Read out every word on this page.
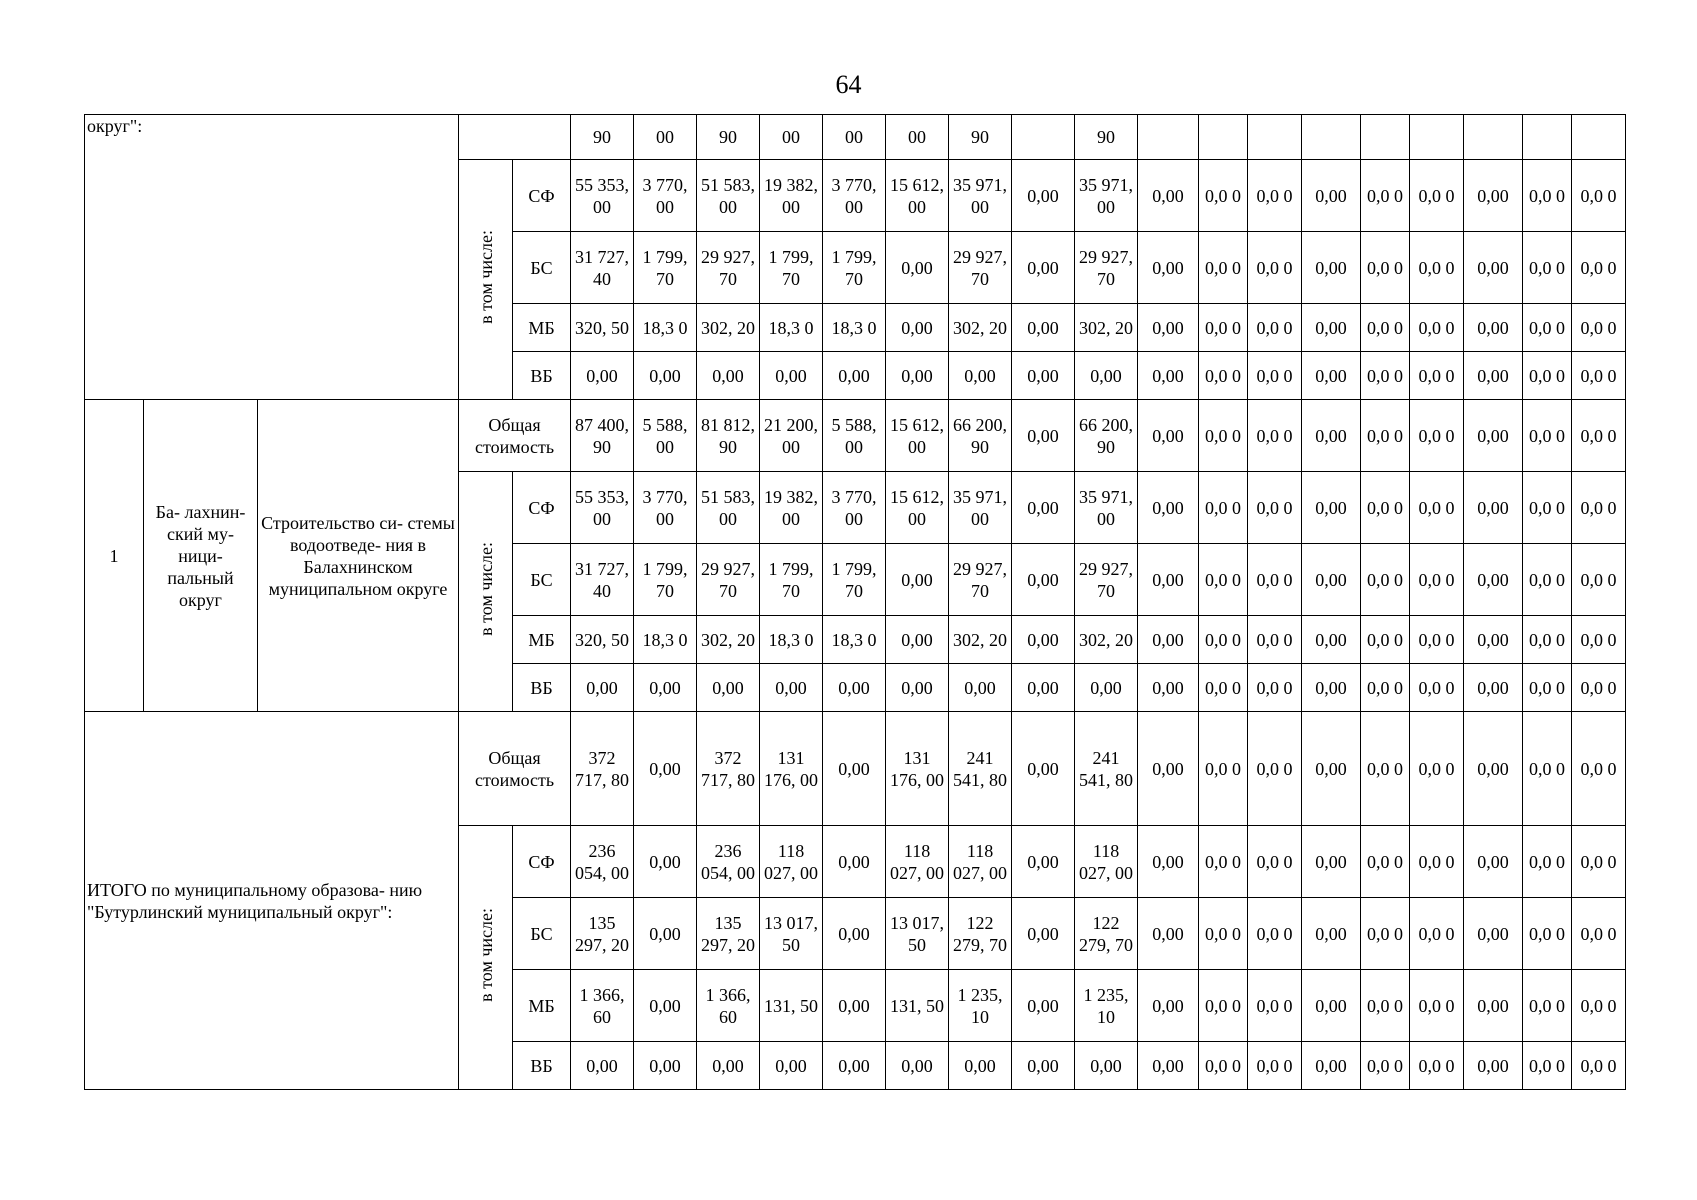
64
округ":					90	00	90	00	00	00	90		90									
			в том числе:	СФ	55 353, 00	3 770, 00	51 583, 00	19 382, 00	3 770, 00	15 612, 00	35 971, 00	0,00	35 971, 00	0,00	0,0 0	0,0 0	0,00	0,0 0	0,0 0	0,00	0,0 0	0,0 0
				БС	31 727, 40	1 799, 70	29 927, 70	1 799, 70	1 799, 70	0,00	29 927, 70	0,00	29 927, 70	0,00	0,0 0	0,0 0	0,00	0,0 0	0,0 0	0,00	0,0 0	0,0 0
				МБ	320, 50	18,3 0	302, 20	18,3 0	18,3 0	0,00	302, 20	0,00	302, 20	0,00	0,0 0	0,0 0	0,00	0,0 0	0,0 0	0,00	0,0 0	0,0 0
				ВБ	0,00	0,00	0,00	0,00	0,00	0,00	0,00	0,00	0,00	0,00	0,0 0	0,0 0	0,00	0,0 0	0,0 0	0,00	0,0 0	0,0 0
1	Ба- лахнин- ский му- ници- пальный округ	Строительство си- стемы водоотведе- ния в Балахнинском муниципальном округе	Общая стоимость		87 400, 90	5 588, 00	81 812, 90	21 200, 00	5 588, 00	15 612, 00	66 200, 90	0,00	66 200, 90	0,00	0,0 0	0,0 0	0,00	0,0 0	0,0 0	0,00	0,0 0	0,0 0
			в том числе:	СФ	55 353, 00	3 770, 00	51 583, 00	19 382, 00	3 770, 00	15 612, 00	35 971, 00	0,00	35 971, 00	0,00	0,0 0	0,0 0	0,00	0,0 0	0,0 0	0,00	0,0 0	0,0 0
				БС	31 727, 40	1 799, 70	29 927, 70	1 799, 70	1 799, 70	0,00	29 927, 70	0,00	29 927, 70	0,00	0,0 0	0,0 0	0,00	0,0 0	0,0 0	0,00	0,0 0	0,0 0
				МБ	320, 50	18,3 0	302, 20	18,3 0	18,3 0	0,00	302, 20	0,00	302, 20	0,00	0,0 0	0,0 0	0,00	0,0 0	0,0 0	0,00	0,0 0	0,0 0
				ВБ	0,00	0,00	0,00	0,00	0,00	0,00	0,00	0,00	0,00	0,00	0,0 0	0,0 0	0,00	0,0 0	0,0 0	0,00	0,0 0	0,0 0
ИТОГО по муниципальному образова- нию "Бутурлинский муниципальный округ":			Общая стоимость		372 717, 80	0,00	372 717, 80	131 176, 00	0,00	131 176, 00	241 541, 80	0,00	241 541, 80	0,00	0,0 0	0,0 0	0,00	0,0 0	0,0 0	0,00	0,0 0	0,0 0
			в том числе:	СФ	236 054, 00	0,00	236 054, 00	118 027, 00	0,00	118 027, 00	118 027, 00	0,00	118 027, 00	0,00	0,0 0	0,0 0	0,00	0,0 0	0,0 0	0,00	0,0 0	0,0 0
				БС	135 297, 20	0,00	135 297, 20	13 017, 50	0,00	13 017, 50	122 279, 70	0,00	122 279, 70	0,00	0,0 0	0,0 0	0,00	0,0 0	0,0 0	0,00	0,0 0	0,0 0
				МБ	1 366, 60	0,00	1 366, 60	131, 50	0,00	131, 50	1 235, 10	0,00	1 235, 10	0,00	0,0 0	0,0 0	0,00	0,0 0	0,0 0	0,00	0,0 0	0,0 0
				ВБ	0,00	0,00	0,00	0,00	0,00	0,00	0,00	0,00	0,00	0,00	0,0 0	0,0 0	0,00	0,0 0	0,0 0	0,00	0,0 0	0,0 0
